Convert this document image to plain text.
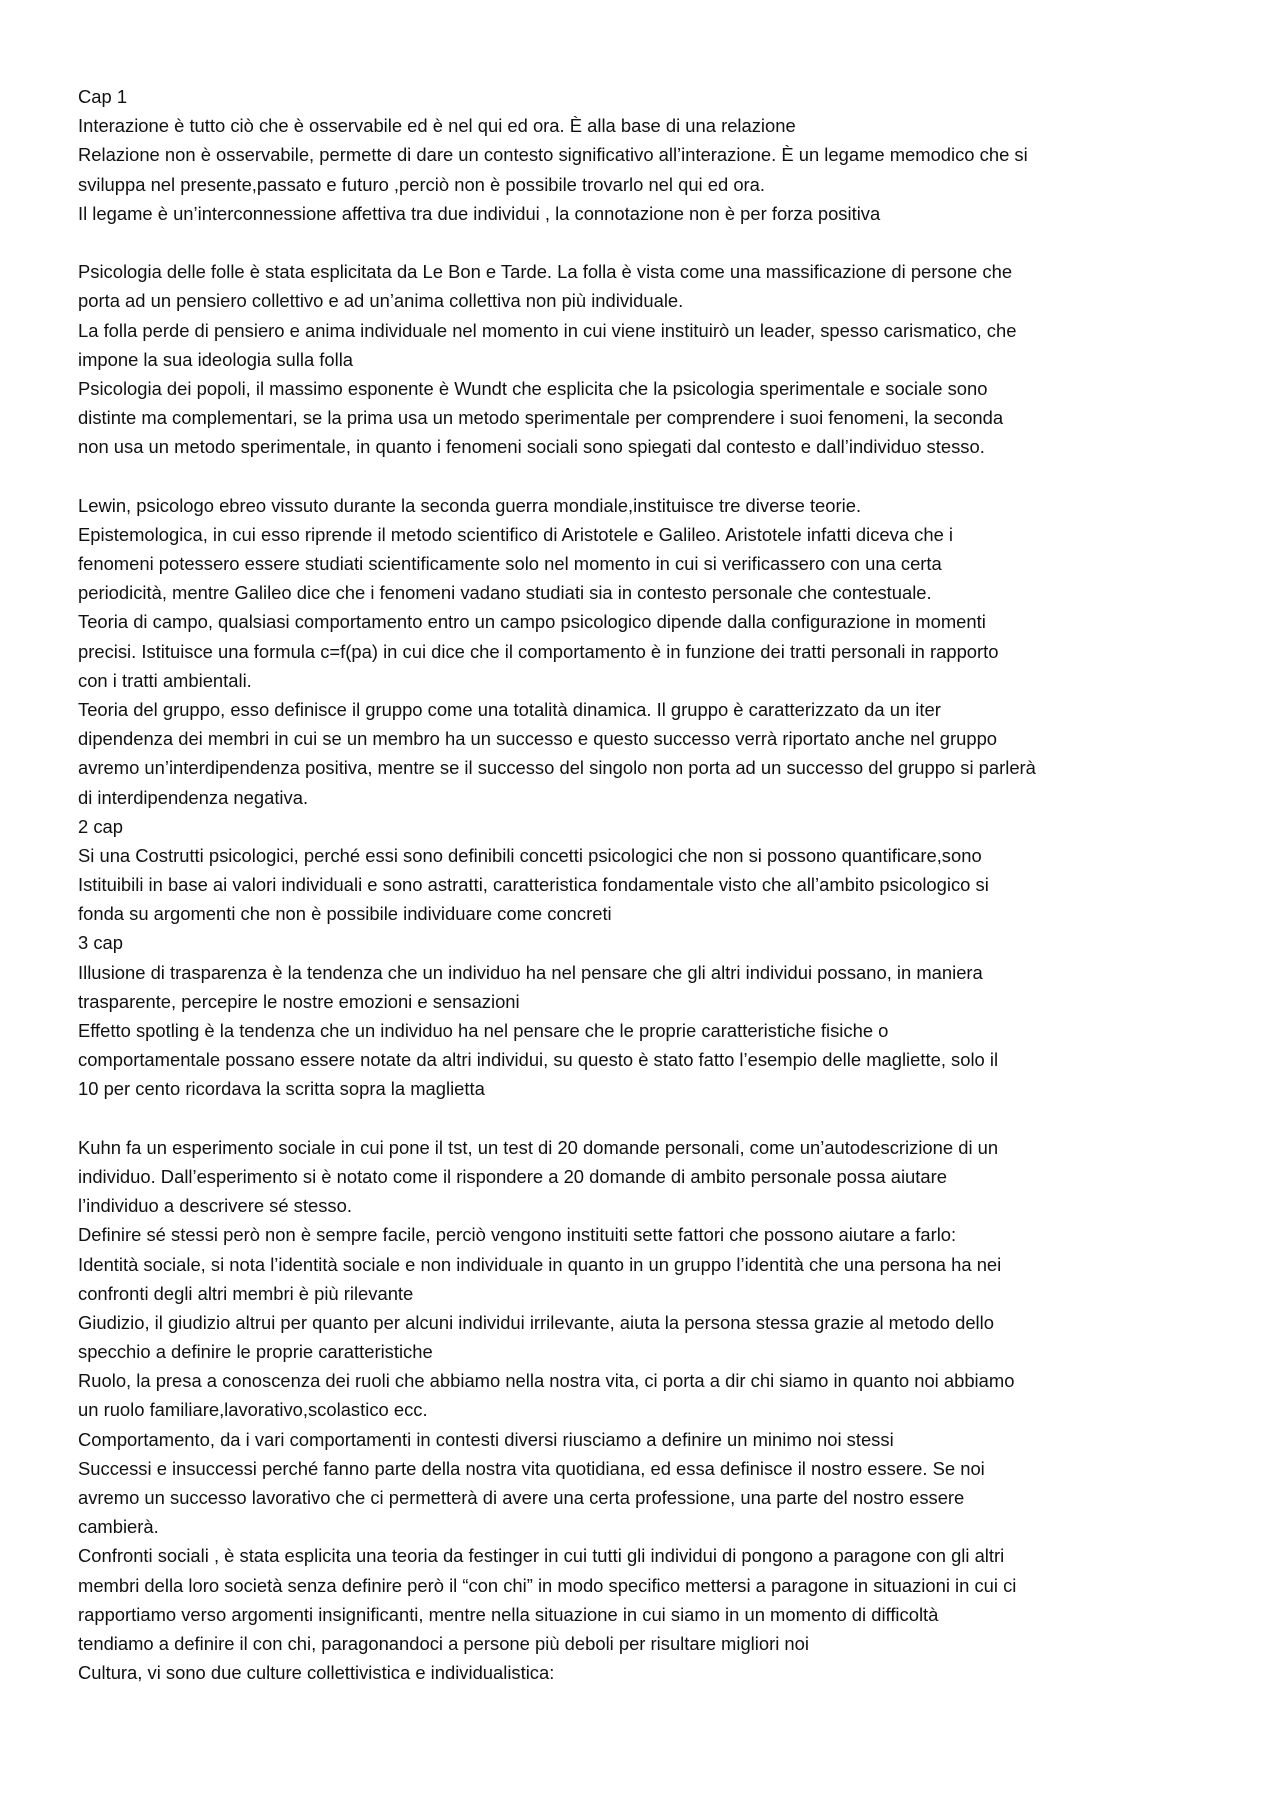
Cap 1
Interazione è tutto ciò che è osservabile ed è nel qui ed ora. È alla base di una relazione
Relazione non è osservabile, permette di dare un contesto significativo all’interazione. È un legame memodico che si
sviluppa nel presente,passato e futuro ,perciò non è possibile trovarlo nel qui ed ora.
Il legame è un’interconnessione affettiva tra due individui , la connotazione non è per forza positiva
Psicologia delle folle è stata esplicitata da Le Bon e Tarde. La folla è vista come una massificazione di persone che
porta ad un pensiero collettivo e ad un’anima collettiva non più individuale.
La folla perde di pensiero e anima individuale nel momento in cui viene instituirò un leader, spesso carismatico, che
impone la sua ideologia sulla folla
Psicologia dei popoli, il massimo esponente è Wundt che esplicita che la psicologia sperimentale e sociale sono
distinte ma complementari, se la prima usa un metodo sperimentale per comprendere i suoi fenomeni, la seconda
non usa un metodo sperimentale, in quanto i fenomeni sociali sono spiegati dal contesto e dall’individuo stesso.
Lewin, psicologo ebreo vissuto durante la seconda guerra mondiale,instituisce tre diverse teorie.
Epistemologica, in cui esso riprende il metodo scientifico di Aristotele e Galileo. Aristotele infatti diceva che i
fenomeni potessero essere studiati scientificamente solo nel momento in cui si verificassero con una certa
periodicità, mentre Galileo dice che i fenomeni vadano studiati sia in contesto personale che contestuale.
Teoria di campo, qualsiasi comportamento entro un campo psicologico dipende dalla configurazione in momenti
precisi. Istituisce una formula c=f(pa) in cui dice che il comportamento è in funzione dei tratti personali in rapporto
con i tratti ambientali.
Teoria del gruppo, esso definisce il gruppo come una totalità dinamica. Il gruppo è caratterizzato da un iter
dipendenza dei membri in cui se un membro ha un successo e questo successo verrà riportato anche nel gruppo
avremo un’interdipendenza positiva, mentre se il successo del singolo non porta ad un successo del gruppo si parlerà
di interdipendenza negativa.
2 cap
Si una Costrutti psicologici, perché essi sono definibili concetti psicologici che non si possono quantificare,sono
Istituibili in base ai valori individuali e sono astratti, caratteristica fondamentale visto che all’ambito psicologico si
fonda su argomenti che non è possibile individuare come concreti
3 cap
Illusione di trasparenza è la tendenza che un individuo ha nel pensare che gli altri individui possano, in maniera
trasparente, percepire le nostre emozioni e sensazioni
Effetto spotling è la tendenza che un individuo ha nel pensare che le proprie caratteristiche fisiche o
comportamentale possano essere notate da altri individui, su questo è stato fatto l’esempio delle magliette, solo il
10 per cento ricordava la scritta sopra la maglietta
Kuhn fa un esperimento sociale in cui pone il tst, un test di 20 domande personali, come un’autodescrizione di un
individuo. Dall’esperimento si è notato come il rispondere a 20 domande di ambito personale possa aiutare
l’individuo a descrivere sé stesso.
Definire sé stessi però non è sempre facile, perciò vengono instituiti sette fattori che possono aiutare a farlo:
Identità sociale, si nota l’identità sociale e non individuale in quanto in un gruppo l’identità che una persona ha nei
confronti degli altri membri è più rilevante
Giudizio, il giudizio altrui per quanto per alcuni individui irrilevante, aiuta la persona stessa grazie al metodo dello
specchio a definire le proprie caratteristiche
Ruolo, la presa a conoscenza dei ruoli che abbiamo nella nostra vita, ci porta a dir chi siamo in quanto noi abbiamo
un ruolo familiare,lavorativo,scolastico ecc.
Comportamento, da i vari comportamenti in contesti diversi riusciamo a definire un minimo noi stessi
Successi e insuccessi perché fanno parte della nostra vita quotidiana, ed essa definisce il nostro essere. Se noi
avremo un successo lavorativo che ci permetterà di avere una certa professione, una parte del nostro essere
cambierà.
Confronti sociali , è stata esplicita una teoria da festinger in cui tutti gli individui di pongono a paragone con gli altri
membri della loro società senza definire però il “con chi” in modo specifico mettersi a paragone in situazioni in cui ci
rapportiamo verso argomenti insignificanti, mentre nella situazione in cui siamo in un momento di difficoltà
tendiamo a definire il con chi, paragonandoci a persone più deboli per risultare migliori noi
Cultura, vi sono due culture collettivistica e individualistica:
